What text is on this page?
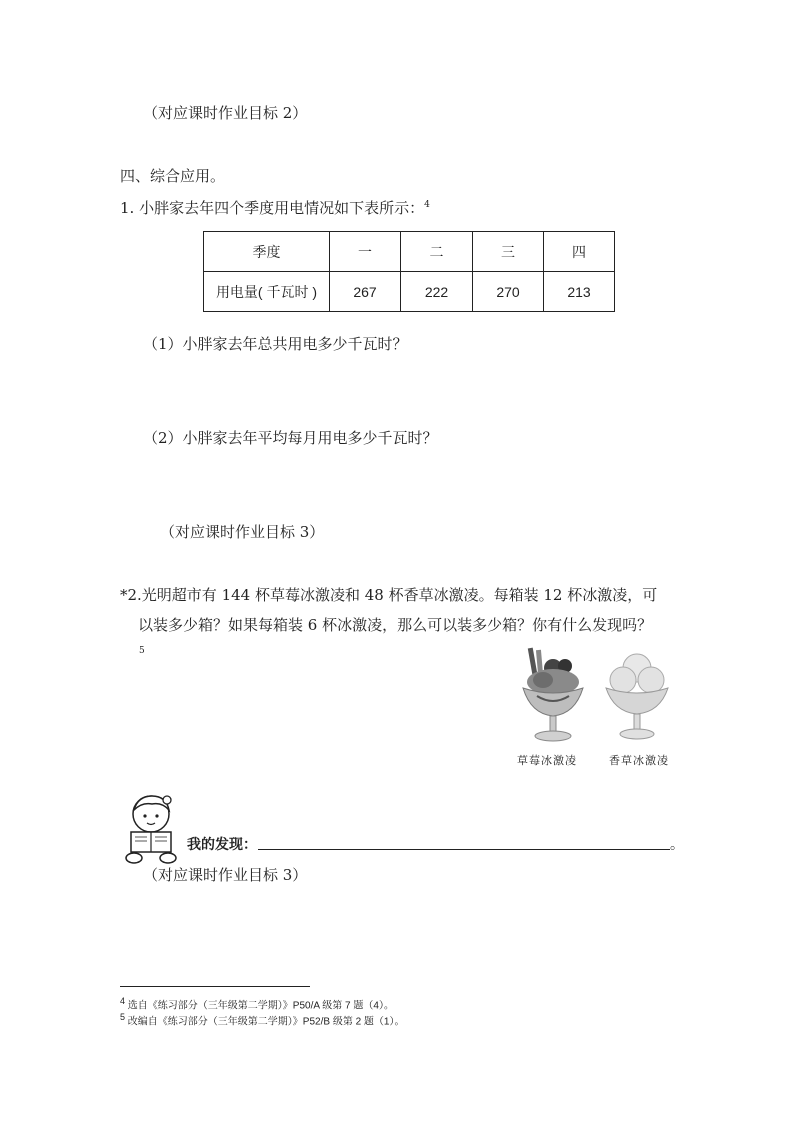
（对应课时作业目标 2）
四、综合应用。
1. 小胖家去年四个季度用电情况如下表所示：$^4$
季度	一	二	三	四
用电量( 千瓦时 )	267	222	270	213
（1）小胖家去年总共用电多少千瓦时？
（2）小胖家去年平均每月用电多少千瓦时？
（对应课时作业目标 3）
*2.光明超市有 144 杯草莓冰激凌和 48 杯香草冰激凌。每箱装 12 杯冰激凌，可
以装多少箱？如果每箱装 6 杯冰激凌，那么可以装多少箱？你有什么发现吗？
5
草莓冰激凌	香草冰激凌
我的发现：	。
（对应课时作业目标 3）
$^4$ 选自《练习部分（三年级第二学期）》P50/A 级第 7 题（4）。
$^5$ 改编自《练习部分（三年级第二学期）》P52/B 级第 2 题（1）。
